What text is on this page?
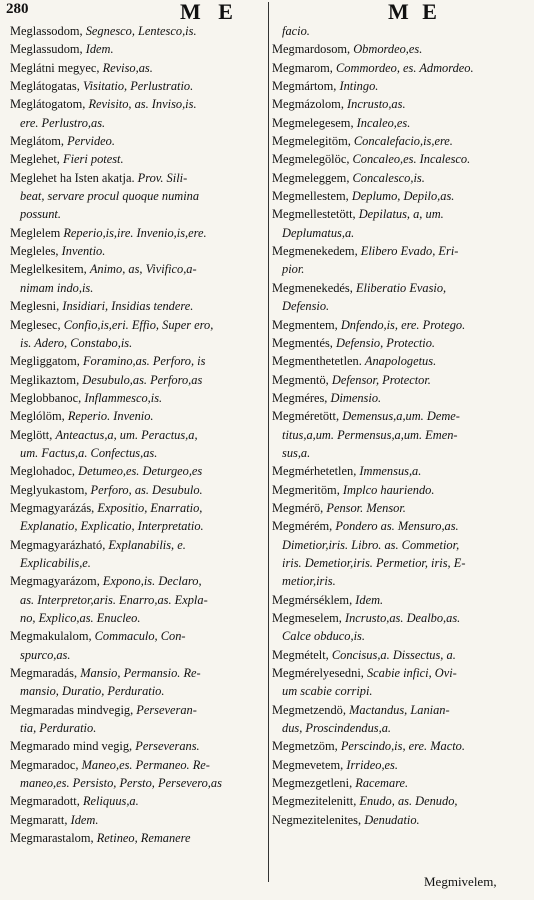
280	M E	M E
Meglassodom, Segnesco, Lentesco,is.
Meglassudom, Idem.
Meglátni megyec, Reviso,as.
Meglátogatas, Visitatio, Perlustratio.
Meglátogatom, Revisito, as. Inviso,is.
ere. Perlustro,as.
Meglátom, Pervideo.
Meglehet, Fieri potest.
Meglehet ha Isten akatja. Prov. Sili-
beat, servare procul quoque numina
possunt.
Meglelem Reperio,is,ire. Invenio,is,ere.
Megleles, Inventio.
Meglelkesitem, Animo, as, Vivifico,a-
nimam indo,is.
Meglesni, Insidiari, Insidias tendere.
Meglesec, Confio,is,eri. Effio, Super ero,
is. Adero, Constabo,is.
Megliggatom, Foramino,as. Perforo, is
Meglikaztom, Desubulo,as. Perforo,as
Meglobbanoc, Inflammesco,is.
Meglólöm, Reperio. Invenio.
Meglött, Anteactus,a, um. Peractus,a,
um. Factus,a. Confectus,as.
Meglohadoc, Detumeo,es. Deturgeo,es
Meglyukastom, Perforo, as. Desubulo.
Megmagyarázás, Expositio, Enarratio,
Explanatio, Explicatio, Interpretatio.
Megmagyarázható, Explanabilis, e.
Explicabilis,e.
Megmagyarázom, Expono,is. Declaro,
as. Interpretor,aris. Enarro,as. Expla-
no, Explico,as. Enucleo.
Megmakulalom, Commaculo, Con-
spurco,as.
Megmaradás, Mansio, Permansio. Re-
mansio, Duratio, Perduratio.
Megmaradas mindvegig, Perseveran-
tia, Perduratio.
Megmarado mind vegig, Perseverans.
Megmaradoc, Maneo,es. Permaneo. Re-
maneo,es. Persisto, Persto, Persevero,as
Megmaradott, Reliquus,a.
Megmaratt, Idem.
Megmarastalom, Retineo, Remanere
facio.
Megmardosom, Obmordeo,es.
Megmarom, Commordeo, es. Admordeo.
Megmártom, Intingo.
Megmázolom, Incrusto,as.
Megmelegesem, Incaleo,es.
Megmelegitöm, Concalefacio,is,ere.
Megmelegölöc, Concaleo,es. Incalesco.
Megmeleggem, Concalesco,is.
Megmellestem, Deplumo, Depilo,as.
Megmellestetött, Depilatus, a, um.
Deplumatus,a.
Megmenekedem, Elibero Evado, Eri-
pior.
Megmenekedés, Eliberatio Evasio,
Defensio.
Megmentem, Dnfendo,is, ere. Protego.
Megmentés, Defensio, Protectio.
Megmenthetetlen. Anapologetus.
Megmentö, Defensor, Protector.
Megméres, Dimensio.
Megméretött, Demensus,a,um. Deme-
titus,a,um. Permensus,a,um. Emen-
sus,a.
Megmérhetetlen, Immensus,a.
Megmeritöm, Implco hauriendo.
Megmérö, Pensor. Mensor.
Megmérém, Pondero as. Mensuro,as.
Dimetior,iris. Libro. as. Commetior,
iris. Demetior,iris. Permetior, iris, E-
metior,iris.
Megmérséklem, Idem.
Megmeselem, Incrusto,as. Dealbo,as.
Calce obduco,is.
Megmételt, Concisus,a. Dissectus, a.
Megmérelyesedni, Scabie infici, Ovi-
um scabie corripi.
Megmetzendö, Mactandus, Lanian-
dus, Proscindendus,a.
Megmetzöm, Perscindo,is, ere. Macto.
Megmevetem, Irrideo,es.
Megmezgetleni, Racemare.
Megmezitelenitt, Enudo, as. Denudo,
Negmezitelenites, Denudatio.
Megmivelem,
